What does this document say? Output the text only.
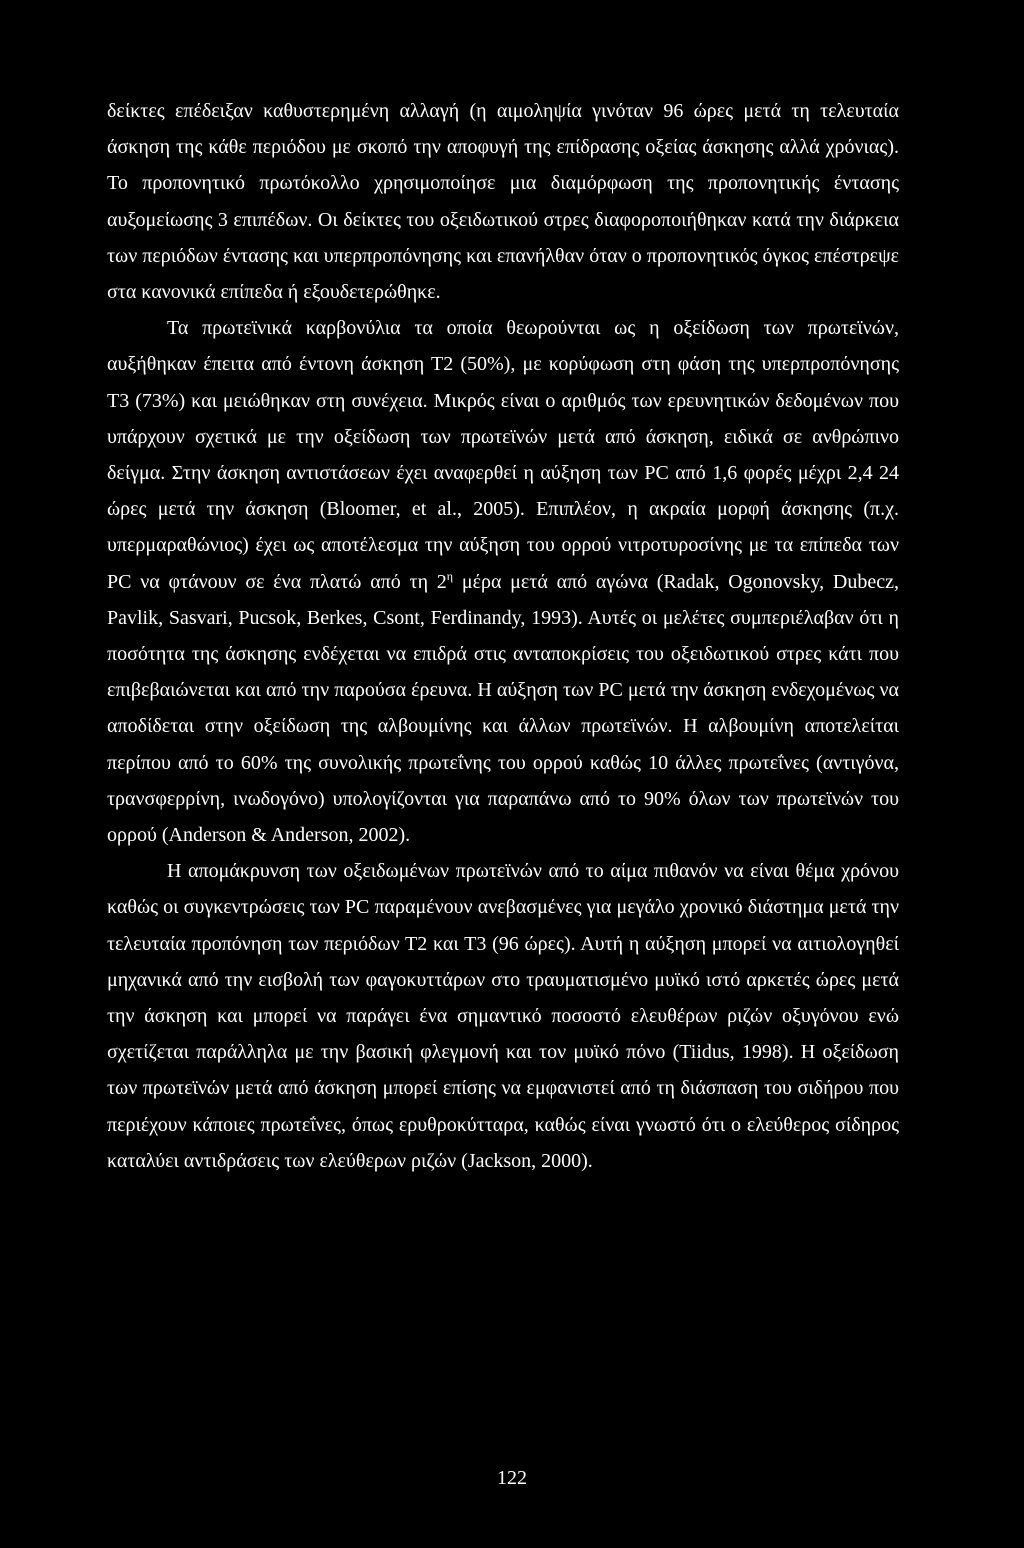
δείκτες επέδειξαν καθυστερημένη αλλαγή (η αιμοληψία γινόταν 96 ώρες μετά τη τελευταία άσκηση της κάθε περιόδου με σκοπό την αποφυγή της επίδρασης οξείας άσκησης αλλά χρόνιας). Το προπονητικό πρωτόκολλο χρησιμοποίησε μια διαμόρφωση της προπονητικής έντασης αυξομείωσης 3 επιπέδων. Οι δείκτες του οξειδωτικού στρες διαφοροποιήθηκαν κατά την διάρκεια των περιόδων έντασης και υπερπροπόνησης και επανήλθαν όταν ο προπονητικός όγκος επέστρεψε στα κανονικά επίπεδα ή εξουδετερώθηκε.

Τα πρωτεϊνικά καρβονύλια τα οποία θεωρούνται ως η οξείδωση των πρωτεϊνών, αυξήθηκαν έπειτα από έντονη άσκηση Τ2 (50%), με κορύφωση στη φάση της υπερπροπόνησης Τ3 (73%) και μειώθηκαν στη συνέχεια. Μικρός είναι ο αριθμός των ερευνητικών δεδομένων που υπάρχουν σχετικά με την οξείδωση των πρωτεϊνών μετά από άσκηση, ειδικά σε ανθρώπινο δείγμα. Στην άσκηση αντιστάσεων έχει αναφερθεί η αύξηση των PC από 1,6 φορές μέχρι 2,4 24 ώρες μετά την άσκηση (Bloomer, et al., 2005). Επιπλέον, η ακραία μορφή άσκησης (π.χ. υπερμαραθώνιος) έχει ως αποτέλεσμα την αύξηση του ορρού νιτροτυροσίνης με τα επίπεδα των PC να φτάνουν σε ένα πλατώ από τη $2^\eta$ μέρα μετά από αγώνα (Radak, Ogonovsky, Dubecz, Pavlik, Sasvari, Pucsok, Berkes, Csont, Ferdinandy, 1993). Αυτές οι μελέτες συμπεριέλαβαν ότι η ποσότητα της άσκησης ενδέχεται να επιδρά στις ανταποκρίσεις του οξειδωτικού στρες κάτι που επιβεβαιώνεται και από την παρούσα έρευνα. Η αύξηση των PC μετά την άσκηση ενδεχομένως να αποδίδεται στην οξείδωση της αλβουμίνης και άλλων πρωτεϊνών. Η αλβουμίνη αποτελείται περίπου από το 60% της συνολικής πρωτεΐνης του ορρού καθώς 10 άλλες πρωτεΐνες (αντιγόνα, τρανσφερρίνη, ινωδογόνο) υπολογίζονται για παραπάνω από το 90% όλων των πρωτεϊνών του ορρού (Anderson & Anderson, 2002).

Η απομάκρυνση των οξειδωμένων πρωτεϊνών από το αίμα πιθανόν να είναι θέμα χρόνου καθώς οι συγκεντρώσεις των PC παραμένουν ανεβασμένες για μεγάλο χρονικό διάστημα μετά την τελευταία προπόνηση των περιόδων Τ2 και Τ3 (96 ώρες). Αυτή η αύξηση μπορεί να αιτιολογηθεί μηχανικά από την εισβολή των φαγοκυττάρων στο τραυματισμένο μυϊκό ιστό αρκετές ώρες μετά την άσκηση και μπορεί να παράγει ένα σημαντικό ποσοστό ελευθέρων ριζών οξυγόνου ενώ σχετίζεται παράλληλα με την βασική φλεγμονή και τον μυϊκό πόνο (Tiidus, 1998). Η οξείδωση των πρωτεϊνών μετά από άσκηση μπορεί επίσης να εμφανιστεί από τη διάσπαση του σιδήρου που περιέχουν κάποιες πρωτεΐνες, όπως ερυθροκύτταρα, καθώς είναι γνωστό ότι ο ελεύθερος σίδηρος καταλύει αντιδράσεις των ελεύθερων ριζών (Jackson, 2000).

122
